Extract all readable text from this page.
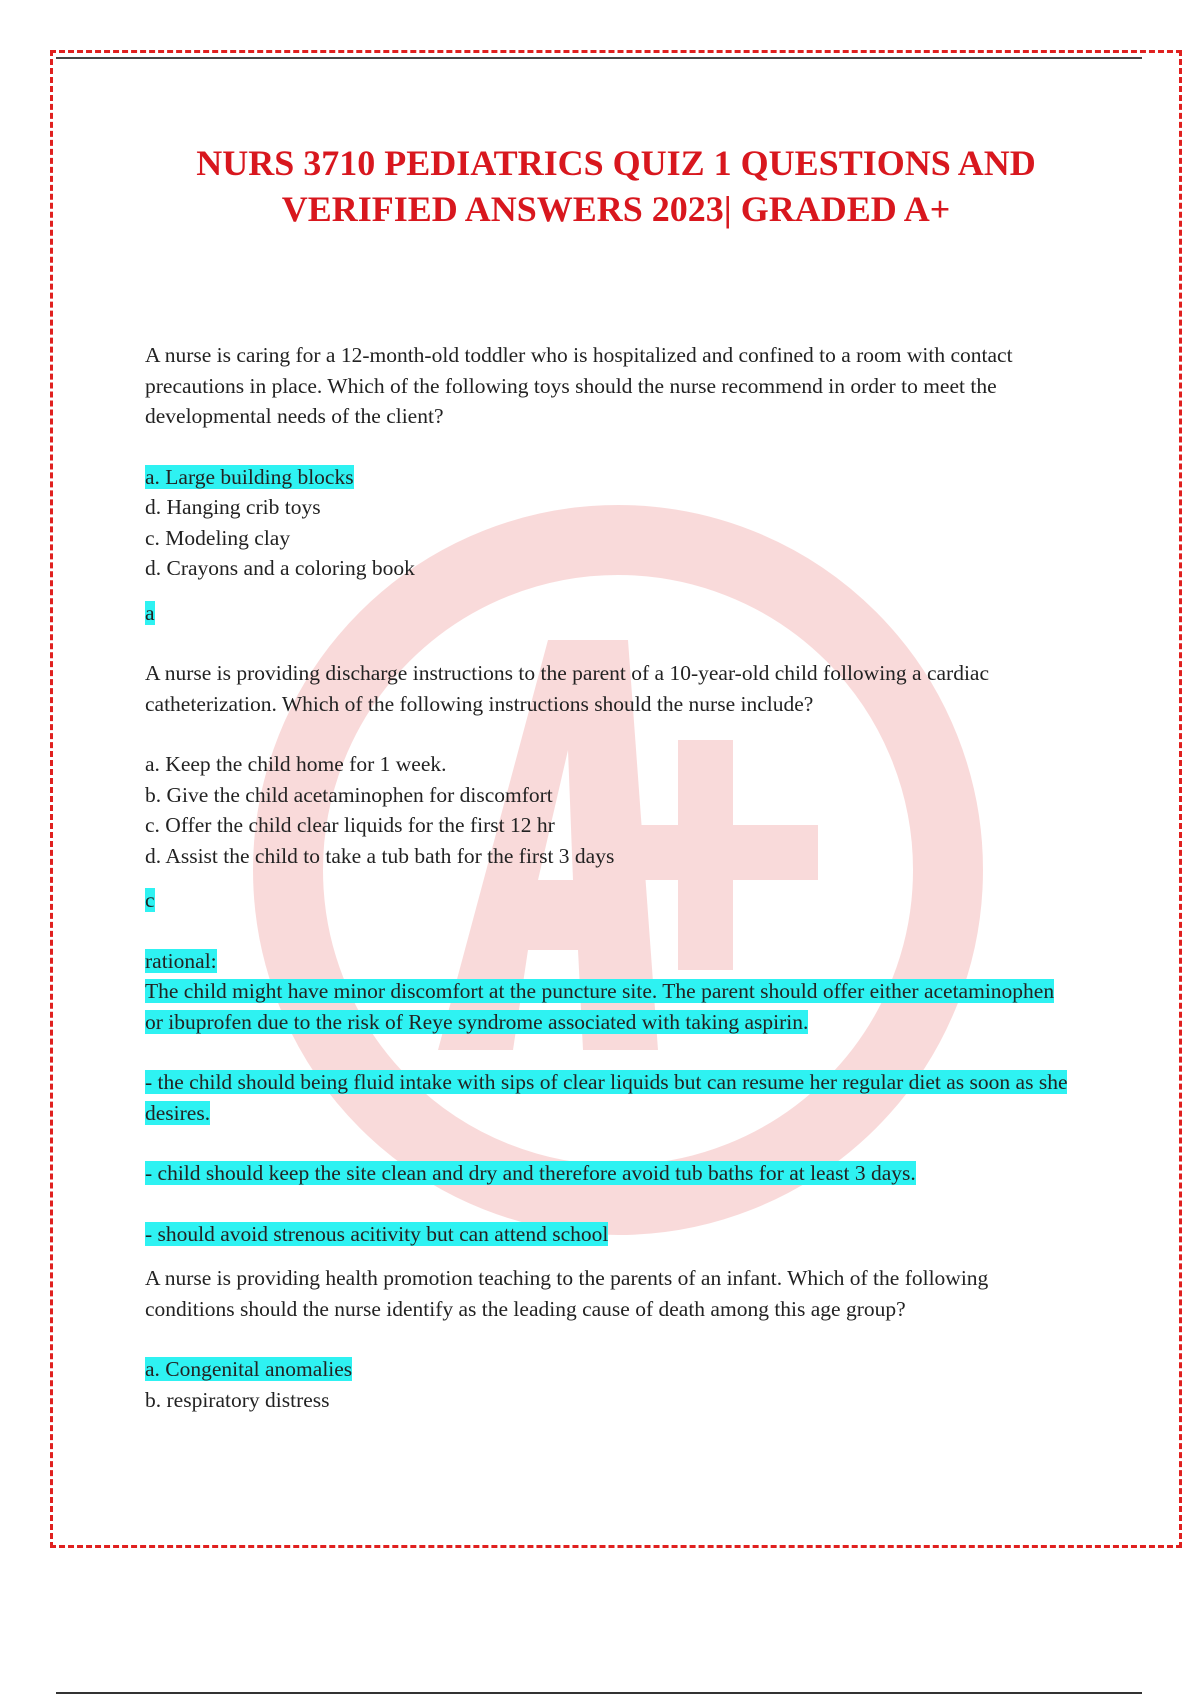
NURS 3710 PEDIATRICS QUIZ 1 QUESTIONS AND
VERIFIED ANSWERS 2023| GRADED A+
A nurse is caring for a 12-month-old toddler who is hospitalized and confined to a room with contact precautions in place. Which of the following toys should the nurse recommend in order to meet the developmental needs of the client?
a. Large building blocks
d. Hanging crib toys
c. Modeling clay
d. Crayons and a coloring book
a
A nurse is providing discharge instructions to the parent of a 10-year-old child following a cardiac catheterization. Which of the following instructions should the nurse include?
a. Keep the child home for 1 week.
b. Give the child acetaminophen for discomfort
c. Offer the child clear liquids for the first 12 hr
d. Assist the child to take a tub bath for the first 3 days
c
rational:
The child might have minor discomfort at the puncture site. The parent should offer either acetaminophen or ibuprofen due to the risk of Reye syndrome associated with taking aspirin.
- the child should being fluid intake with sips of clear liquids but can resume her regular diet as soon as she desires.
- child should keep the site clean and dry and therefore avoid tub baths for at least 3 days.
- should avoid strenous acitivity but can attend school
A nurse is providing health promotion teaching to the parents of an infant. Which of the following conditions should the nurse identify as the leading cause of death among this age group?
a. Congenital anomalies
b. respiratory distress
